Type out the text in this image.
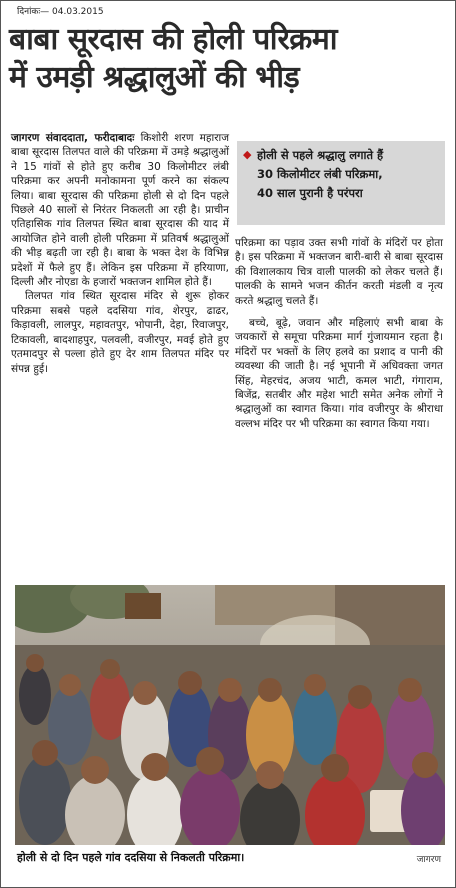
दिनांकः— 04.03.2015
बाबा सूरदास की होली परिक्रमा
में उमड़ी श्रद्धालुओं की भीड़

जागरण संवाददाता, फरीदाबादः किशोरी शरण महाराज बाबा सूरदास तिलपत वाले की परिक्रमा में उमड़े श्रद्धालुओं ने 15 गांवों से होते हुए करीब 30 किलोमीटर लंबी परिक्रमा कर अपनी मनोकामना पूर्ण करने का संकल्प लिया। बाबा सूरदास की परिक्रमा होली से दो दिन पहले पिछले 40 सालों से निरंतर निकलती आ रही है। प्राचीन एतिहासिक गांव तिलपत स्थित बाबा सूरदास की याद में आयोजित होने वाली होली परिक्रमा में प्रतिवर्ष श्रद्धालुओं की भीड़ बढ़ती जा रही है। बाबा के भक्त देश के विभिन्न प्रदेशों में फैले हुए हैं। लेकिन इस परिक्रमा में हरियाणा, दिल्ली और नोएडा के हजारों भक्तजन शामिल होते हैं।

तिलपत गांव स्थित सूरदास मंदिर से शुरू होकर परिक्रमा सबसे पहले ददसिया गांव, शेरपुर, ढाढर, किड़ावली, लालपुर, महावतपुर, भोपानी, देहा, रिवाजपुर, टिकावली, बादशाहपुर, पलवली, वजीरपुर, मवई होते हुए एतमादपुर से पल्ला होते हुए देर शाम तिलपत मंदिर पर संपन्न हुई।

◆ होली से पहले श्रद्धालु लगाते हैं
30 किलोमीटर लंबी परिक्रमा,
40 साल पुरानी है परंपरा

परिक्रमा का पड़ाव उक्त सभी गांवों के मंदिरों पर होता है। इस परिक्रमा में भक्तजन बारी-बारी से बाबा सूरदास की विशालकाय चित्र वाली पालकी को लेकर चलते हैं। पालकी के सामने भजन कीर्तन करती मंडली व नृत्य करते श्रद्धालु चलते हैं।

बच्चे, बूढ़े, जवान और महिलाएं सभी बाबा के जयकारों से समूचा परिक्रमा मार्ग गुंजायमान रहता है। मंदिरों पर भक्तों के लिए हलवे का प्रशाद व पानी की व्यवस्था की जाती है। नई भूपानी में अधिवक्ता जगत सिंह, मेहरचंद, अजय भाटी, कमल भाटी, गंगाराम, बिजेंद्र, सतबीर और महेश भाटी समेत अनेक लोगों ने श्रद्धालुओं का स्वागत किया। गांव वजीरपुर के श्रीराधा वल्लभ मंदिर पर भी परिक्रमा का स्वागत किया गया।

होली से दो दिन पहले गांव ददसिया से निकलती परिक्रमा।	जागरण
